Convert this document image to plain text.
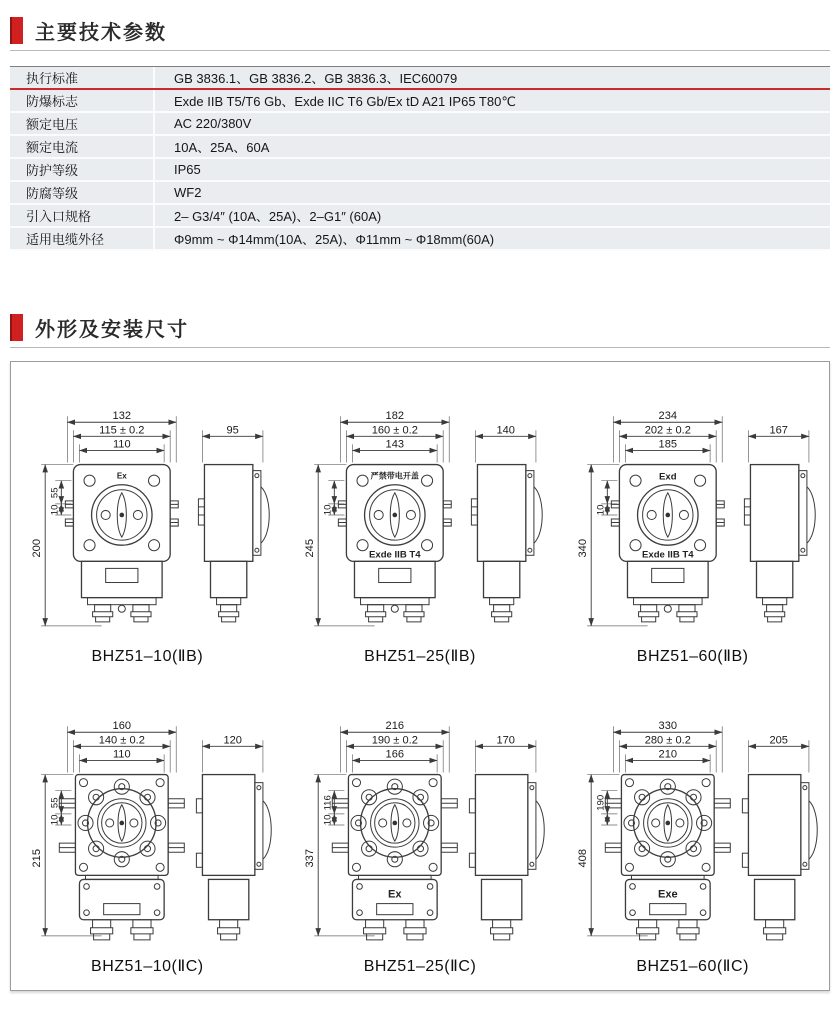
主要技术参数
执行标准	GB 3836.1、GB 3836.2、GB 3836.3、IEC60079
防爆标志	Exde IIB T5/T6 Gb、Exde IIC T6 Gb/Ex tD A21 IP65 T80℃
额定电压	AC 220/380V
额定电流	10A、25A、60A
防护等级	IP65
防腐等级	WF2
引入口规格	2– G3/4″ (10A、25A)、2–G1″ (60A)
适用电缆外径	Φ9mm ~ Φ14mm(10A、25A)、Φ11mm ~ Φ18mm(60A)
外形及安装尺寸
132
115 ± 0.2
110
95
200
55
10
Ex
BHZ51–10(ⅡB)
182
160 ± 0.2
143
140
245
10
严禁带电开盖
Exde IIB T4
BHZ51–25(ⅡB)
234
202 ± 0.2
185
167
340
10
Exd
Exde IIB T4
BHZ51–60(ⅡB)
160
140 ± 0.2
110
120
215
55
10
BHZ51–10(ⅡC)
216
190 ± 0.2
166
170
337
116
10
Ex
BHZ51–25(ⅡC)
330
280 ± 0.2
210
205
408
190
Exe
BHZ51–60(ⅡC)
